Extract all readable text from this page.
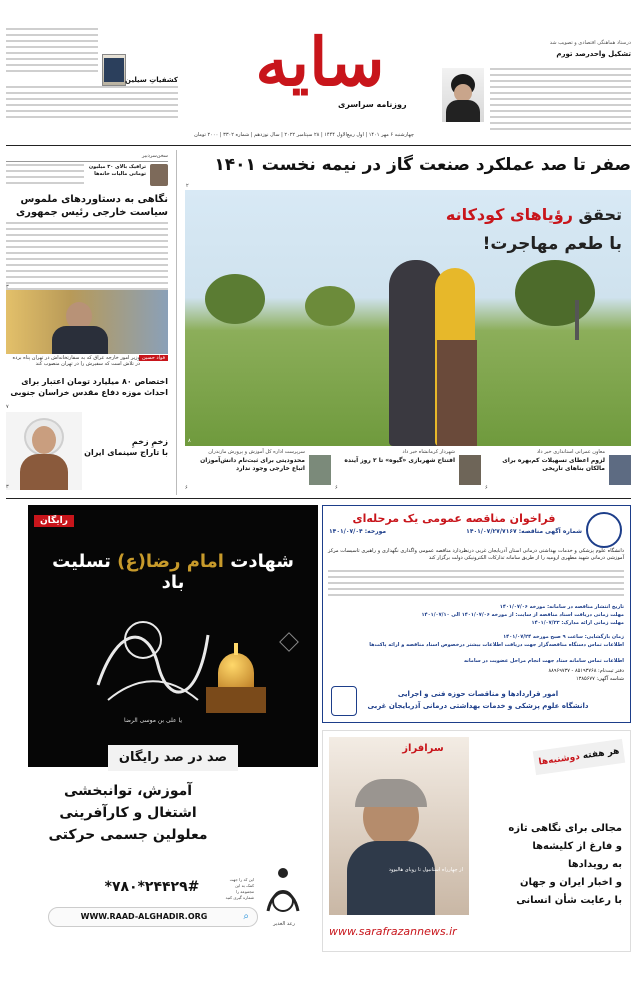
کشفیاتِ سیلین	سایه
روزنامه سراسری
چهارشنبه ۶ مهر ۱۴۰۱ | اول ربیع‌الاول ۱۴۴۴ | ۲۸ سپتامبر ۲۰۲۲ | سال نوزدهم | شماره ۳۳۰۲ | ۲۰۰۰ تومان
درستاد هماهنگی اقتصادی و تصویب شد
تشکیل واحدرصد تورم
سخن‌سردبیر
ترافیک بالای ۳۰ میلیون تومانی مالیات خانه‌ها
نگاهی به دستاوردهای ملموس سیاست خارجی رئیس جمهوری
۳
فواد حسین
وزیر امور خارجه عراق که به سفارتخانه‌اش در تهران پناه برده در تلاش است که سفیرش را در تهران منصوب کند
اختصاص ۸۰ میلیارد تومان اعتبار برای احداث موزه دفاع مقدس خراسان جنوبی
۷
زخمِ زخمِ
با تاراج سینمای ایران
۳
صفر تا صد عملکرد صنعت گاز در نیمه نخست ۱۴۰۱
۲
تحقق رؤیاهای کودکانه
با طعم مهاجرت!
۸
معاون عمرانی استانداری خبر داد
لزوم اعطای تسهیلات کم‌بهره برای مالکان بناهای تاریخی
۶
شهردار کرمانشاه خبر داد
افتتاح شهربازی «گیوه» تا ۲ روز آینده
۶
سرپرست اداره کل آموزش و پرورش مازندران
محدودیتی برای ثبت‌نام دانش‌آموزان اتباع خارجی وجود ندارد
۶
رایگان
شهادت امام رضا(ع) تسلیت باد
یا علی بن موسی الرضا
صد در صد رایگان
آموزش، توانبخشی
اشتغال و کارآفرینی
معلولین جسمی حرکتی
رعد الغدیر
*۷۸۰*۲۴۴۲۹#	این کد را جهت کمک به این مجموعه را شماره گیری کنید
WWW.RAAD-ALGHADIR.ORG	⌕
فراخوان مناقصه عمومی یک مرحله‌ای
شماره آگهی مناقصه: ۱۴۰۱/۰۷/۲۷/۷۱۶۷
مورخه: ۱۴۰۱/۰۷/۰۴
دانشگاه علوم پزشکی و خدمات بهداشتی درمانی استان آذربایجان غربی درنظردارد مناقصه عمومی واگذاری نگهداری و راهبری تاسیسات مرکز آموزشی درمانی شهید مطهری ارومیه را از طریق سامانه تدارکات الکترونیکی دولت برگزار کند
تاریخ انتشار مناقصه در سامانه: مورخه ۱۴۰۱/۰۷/۰۶
مهلت زمانی دریافت اسناد مناقصه از سایت: از مورخه ۱۴۰۱/۰۷/۰۶ الی ۱۴۰۱/۰۷/۱۰
مهلت زمانی ارائه مدارک: ۱۴۰۱/۰۷/۲۳
زمان بازگشایی: ساعت ۹ صبح مورخه ۱۴۰۱/۰۷/۲۴
اطلاعات تماس دستگاه مناقصه‌گزار جهت دریافت اطلاعات بیشتر درخصوص اسناد مناقصه و ارائه پاکت‌ها
اطلاعات تماس سامانه ستاد جهت انجام مراحل عضویت در سامانه
دفتر ثبت‌نام: ۸۵۱۹۳۷۶۸ - ۸۸۹۶۹۷۳۷
شناسه آگهی: ۱۳۸۵۶۷۷
امور قراردادها و مناقصات حوزه فنی و اجرایی
دانشگاه علوم پزشکی و خدمات بهداشتی درمانی آذربایجان غربی
سرافراز
از چهارراه استانبول تا رویای هالیوود
هر هفته دوشنبه‌ها
مجالی برای نگاهی تازه
و فارغ از کلیشه‌ها
به رویدادها
و اخبار ایران و جهان
با رعایت شأن انسانی
www.sarafrazannews.ir
